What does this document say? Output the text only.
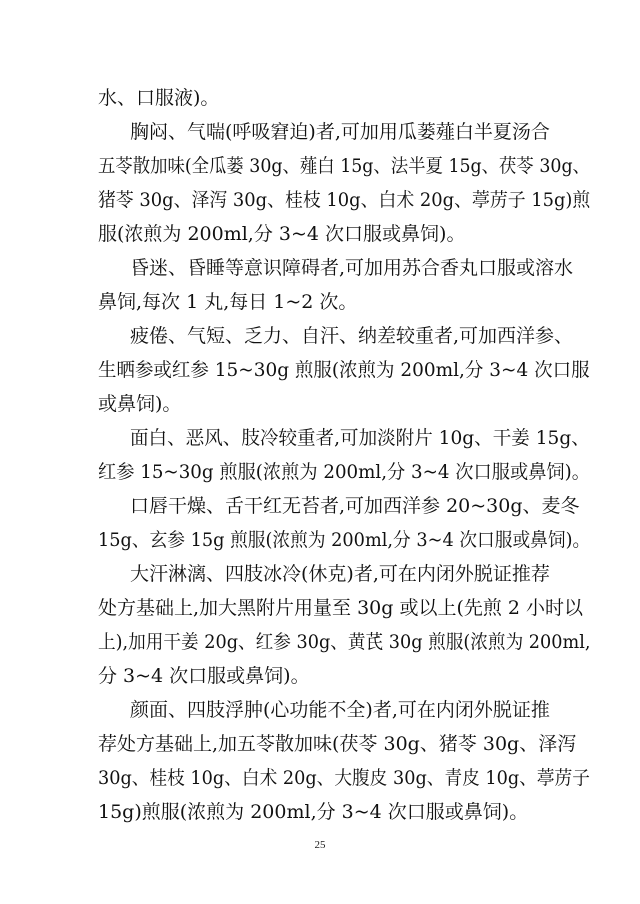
水、口服液)。
胸闷、气喘(呼吸窘迫)者,可加用瓜蒌薤白半夏汤合
五苓散加味(全瓜蒌 30g、薤白 15g、法半夏 15g、茯苓 30g、
猪苓 30g、泽泻 30g、桂枝 10g、白术 20g、葶苈子 15g)煎
服(浓煎为 200ml,分 3~4 次口服或鼻饲)。
昏迷、昏睡等意识障碍者,可加用苏合香丸口服或溶水
鼻饲,每次 1 丸,每日 1~2 次。
疲倦、气短、乏力、自汗、纳差较重者,可加西洋参、
生晒参或红参 15~30g 煎服(浓煎为 200ml,分 3~4 次口服
或鼻饲)。
面白、恶风、肢冷较重者,可加淡附片 10g、干姜 15g、
红参 15~30g 煎服(浓煎为 200ml,分 3~4 次口服或鼻饲)。
口唇干燥、舌干红无苔者,可加西洋参 20~30g、麦冬
15g、玄参 15g 煎服(浓煎为 200ml,分 3~4 次口服或鼻饲)。
大汗淋漓、四肢冰冷(休克)者,可在内闭外脱证推荐
处方基础上,加大黑附片用量至 30g 或以上(先煎 2 小时以
上),加用干姜 20g、红参 30g、黄芪 30g 煎服(浓煎为 200ml,
分 3~4 次口服或鼻饲)。
颜面、四肢浮肿(心功能不全)者,可在内闭外脱证推
荐处方基础上,加五苓散加味(茯苓 30g、猪苓 30g、泽泻
30g、桂枝 10g、白术 20g、大腹皮 30g、青皮 10g、葶苈子
15g)煎服(浓煎为 200ml,分 3~4 次口服或鼻饲)。
25
